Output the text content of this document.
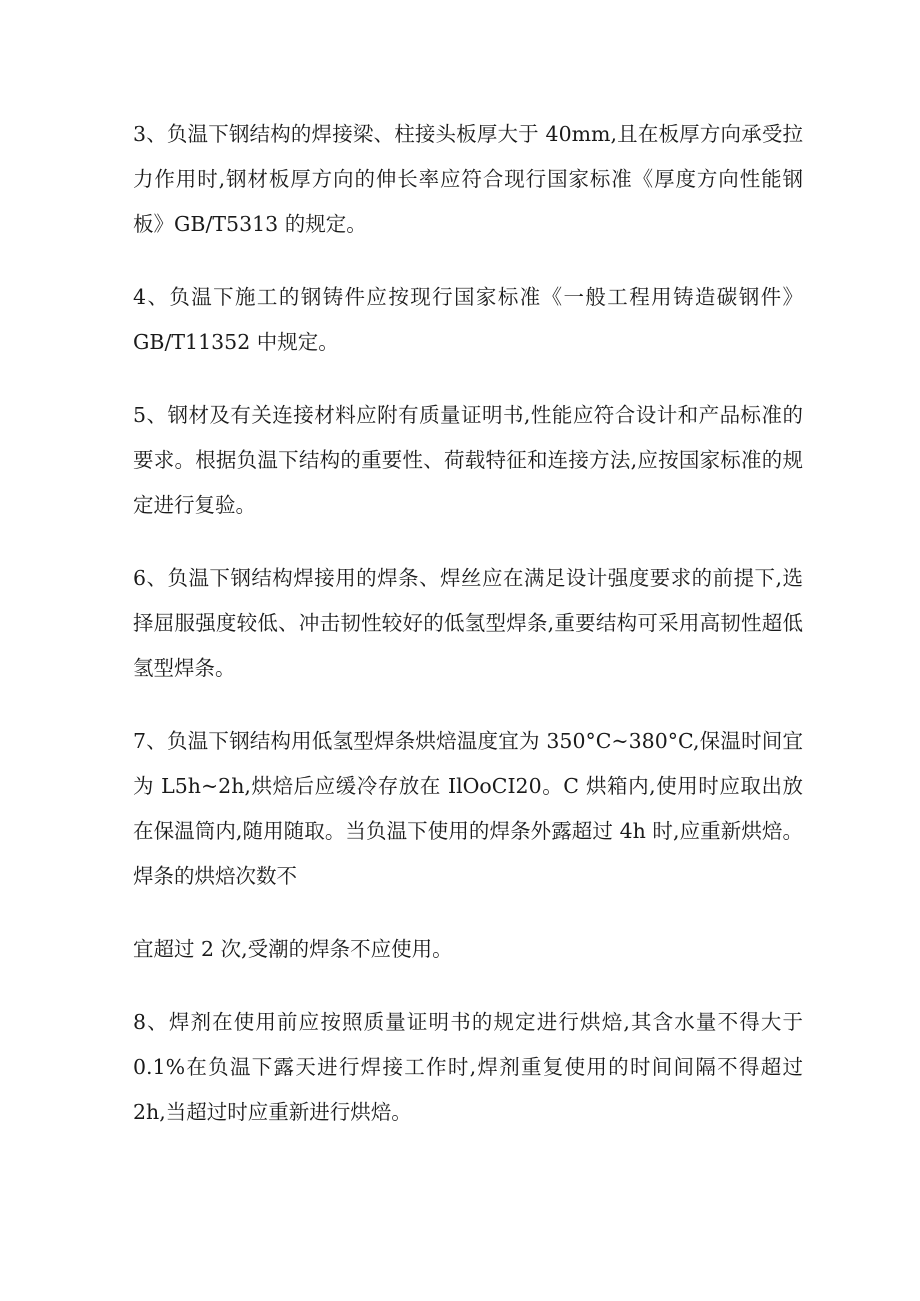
3、负温下钢结构的焊接梁、柱接头板厚大于 40mm,且在板厚方向承受拉力作用时,钢材板厚方向的伸长率应符合现行国家标准《厚度方向性能钢板》GB/T5313 的规定。

4、负温下施工的钢铸件应按现行国家标准《一般工程用铸造碳钢件》GB/T11352 中规定。

5、钢材及有关连接材料应附有质量证明书,性能应符合设计和产品标准的要求。根据负温下结构的重要性、荷载特征和连接方法,应按国家标准的规定进行复验。

6、负温下钢结构焊接用的焊条、焊丝应在满足设计强度要求的前提下,选择屈服强度较低、冲击韧性较好的低氢型焊条,重要结构可采用高韧性超低氢型焊条。

7、负温下钢结构用低氢型焊条烘焙温度宜为 350°C~380°C,保温时间宜为 L5h~2h,烘焙后应缓冷存放在 IlOoCI20。C 烘箱内,使用时应取出放在保温筒内,随用随取。当负温下使用的焊条外露超过 4h 时,应重新烘焙。焊条的烘焙次数不

宜超过 2 次,受潮的焊条不应使用。

8、焊剂在使用前应按照质量证明书的规定进行烘焙,其含水量不得大于 0.1%在负温下露天进行焊接工作时,焊剂重复使用的时间间隔不得超过 2h,当超过时应重新进行烘焙。
